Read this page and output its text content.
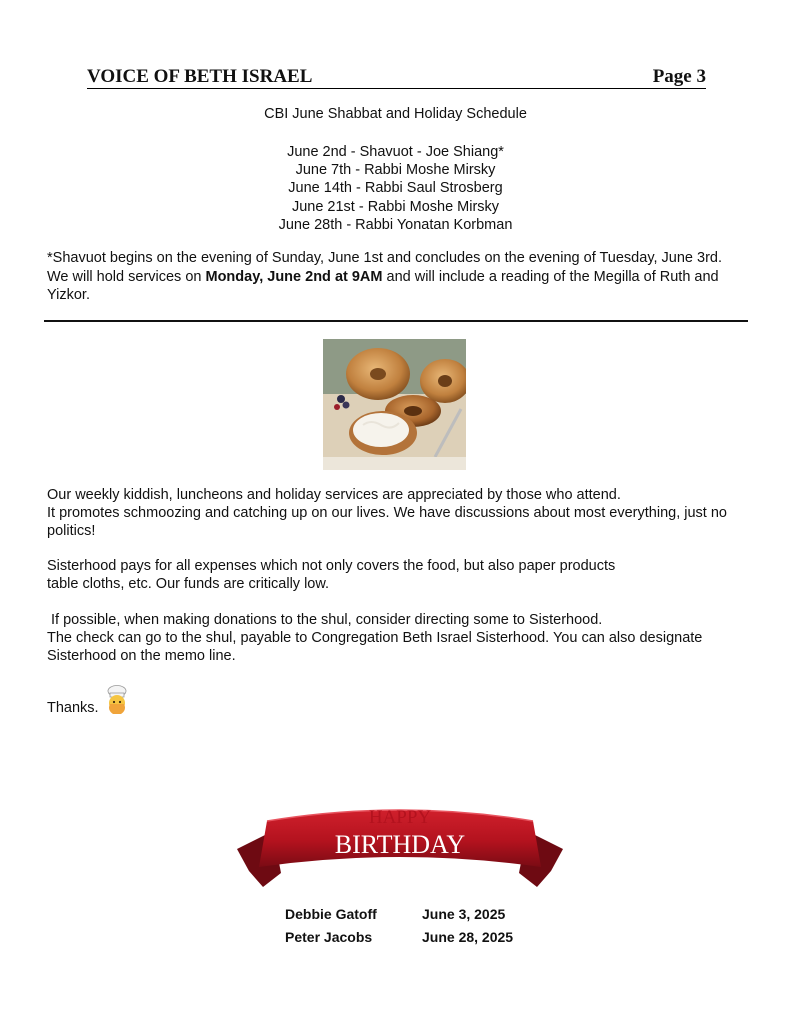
VOICE OF BETH ISRAEL	Page 3
CBI June Shabbat and Holiday Schedule
June 2nd - Shavuot - Joe Shiang*
June 7th - Rabbi Moshe Mirsky
June 14th - Rabbi Saul Strosberg
June 21st - Rabbi Moshe Mirsky
June 28th - Rabbi Yonatan Korbman
*Shavuot begins on the evening of Sunday, June 1st and concludes on the evening of Tuesday, June 3rd. We will hold services on Monday, June 2nd at 9AM and will include a reading of the Megilla of Ruth and Yizkor.
Our weekly kiddish, luncheons and holiday services are appreciated by those who attend.
It promotes schmoozing and catching up on our lives. We have discussions about most everything, just no politics!
Sisterhood pays for all expenses which not only covers the food, but also paper products
table cloths, etc. Our funds are critically low.
If possible, when making donations to the shul, consider directing some to Sisterhood.
The check can go to the shul, payable to Congregation Beth Israel Sisterhood. You can also designate Sisterhood on the memo line.
Thanks.
HAPPY
BIRTHDAY
Debbie Gatoff	June 3, 2025
Peter Jacobs	June 28, 2025
